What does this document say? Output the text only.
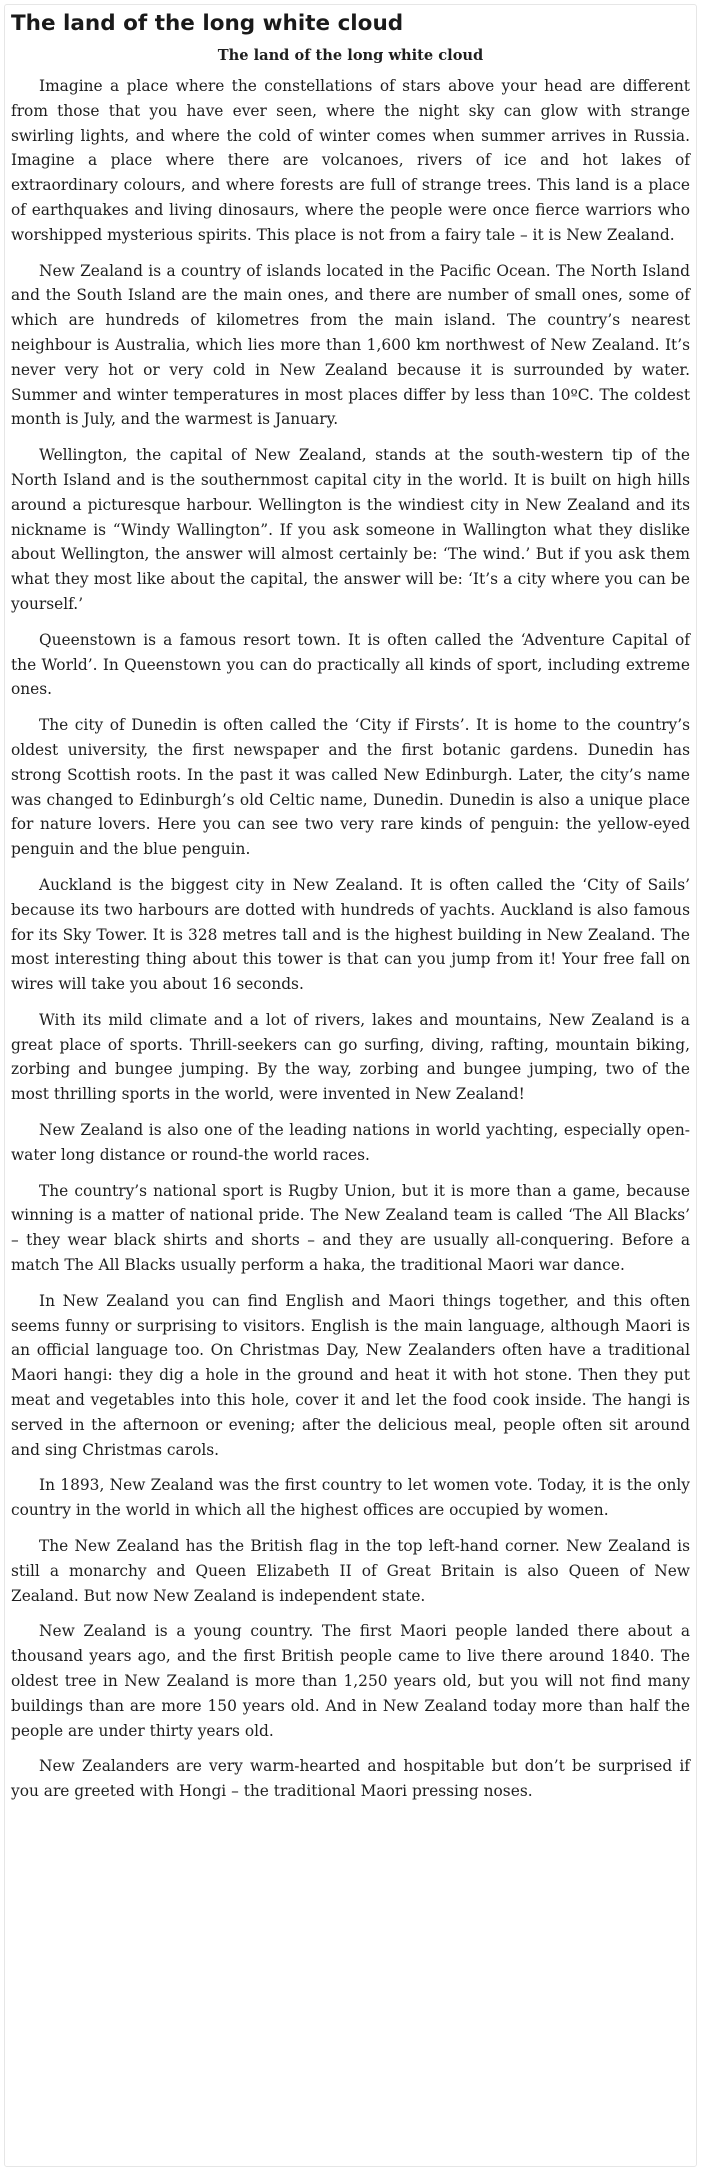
The land of the long white cloud
The land of the long white cloud

Imagine a place where the constellations of stars above your head are different from those that you have ever seen, where the night sky can glow with strange swirling lights, and where the cold of winter comes when summer arrives in Russia. Imagine a place where there are volcanoes, rivers of ice and hot lakes of extraordinary colours, and where forests are full of strange trees. This land is a place of earthquakes and living dinosaurs, where the people were once fierce warriors who worshipped mysterious spirits. This place is not from a fairy tale – it is New Zealand.

New Zealand is a country of islands located in the Pacific Ocean. The North Island and the South Island are the main ones, and there are number of small ones, some of which are hundreds of kilometres from the main island. The country’s nearest neighbour is Australia, which lies more than 1,600 km northwest of New Zealand. It’s never very hot or very cold in New Zealand because it is surrounded by water. Summer and winter temperatures in most places differ by less than 10ºC. The coldest month is July, and the warmest is January.

Wellington, the capital of New Zealand, stands at the south-western tip of the North Island and is the southernmost capital city in the world. It is built on high hills around a picturesque harbour. Wellington is the windiest city in New Zealand and its nickname is “Windy Wallington”. If you ask someone in Wallington what they dislike about Wellington, the answer will almost certainly be: ‘The wind.’ But if you ask them what they most like about the capital, the answer will be: ‘It’s a city where you can be yourself.’

Queenstown is a famous resort town. It is often called the ‘Adventure Capital of the World’. In Queenstown you can do practically all kinds of sport, including extreme ones.

The city of Dunedin is often called the ‘City if Firsts’. It is home to the country’s oldest university, the first newspaper and the first botanic gardens. Dunedin has strong Scottish roots. In the past it was called New Edinburgh. Later, the city’s name was changed to Edinburgh’s old Celtic name, Dunedin. Dunedin is also a unique place for nature lovers. Here you can see two very rare kinds of penguin: the yellow-eyed penguin and the blue penguin.

Auckland is the biggest city in New Zealand. It is often called the ‘City of Sails’ because its two harbours are dotted with hundreds of yachts. Auckland is also famous for its Sky Tower. It is 328 metres tall and is the highest building in New Zealand. The most interesting thing about this tower is that can you jump from it! Your free fall on wires will take you about 16 seconds.

With its mild climate and a lot of rivers, lakes and mountains, New Zealand is a great place of sports. Thrill-seekers can go surfing, diving, rafting, mountain biking, zorbing and bungee jumping. By the way, zorbing and bungee jumping, two of the most thrilling sports in the world, were invented in New Zealand!

New Zealand is also one of the leading nations in world yachting, especially open-water long distance or round-the world races.

The country’s national sport is Rugby Union, but it is more than a game, because winning is a matter of national pride. The New Zealand team is called ‘The All Blacks’ – they wear black shirts and shorts – and they are usually all-conquering. Before a match The All Blacks usually perform a haka, the traditional Maori war dance.

In New Zealand you can find English and Maori things together, and this often seems funny or surprising to visitors. English is the main language, although Maori is an official language too. On Christmas Day, New Zealanders often have a traditional Maori hangi: they dig a hole in the ground and heat it with hot stone. Then they put meat and vegetables into this hole, cover it and let the food cook inside. The hangi is served in the afternoon or evening; after the delicious meal, people often sit around and sing Christmas carols.

In 1893, New Zealand was the first country to let women vote. Today, it is the only country in the world in which all the highest offices are occupied by women.

The New Zealand has the British flag in the top left-hand corner. New Zealand is still a monarchy and Queen Elizabeth II of Great Britain is also Queen of New Zealand. But now New Zealand is independent state.

New Zealand is a young country. The first Maori people landed there about a thousand years ago, and the first British people came to live there around 1840. The oldest tree in New Zealand is more than 1,250 years old, but you will not find many buildings than are more 150 years old. And in New Zealand today more than half the people are under thirty years old.

New Zealanders are very warm-hearted and hospitable but don’t be surprised if you are greeted with Hongi – the traditional Maori pressing noses.
